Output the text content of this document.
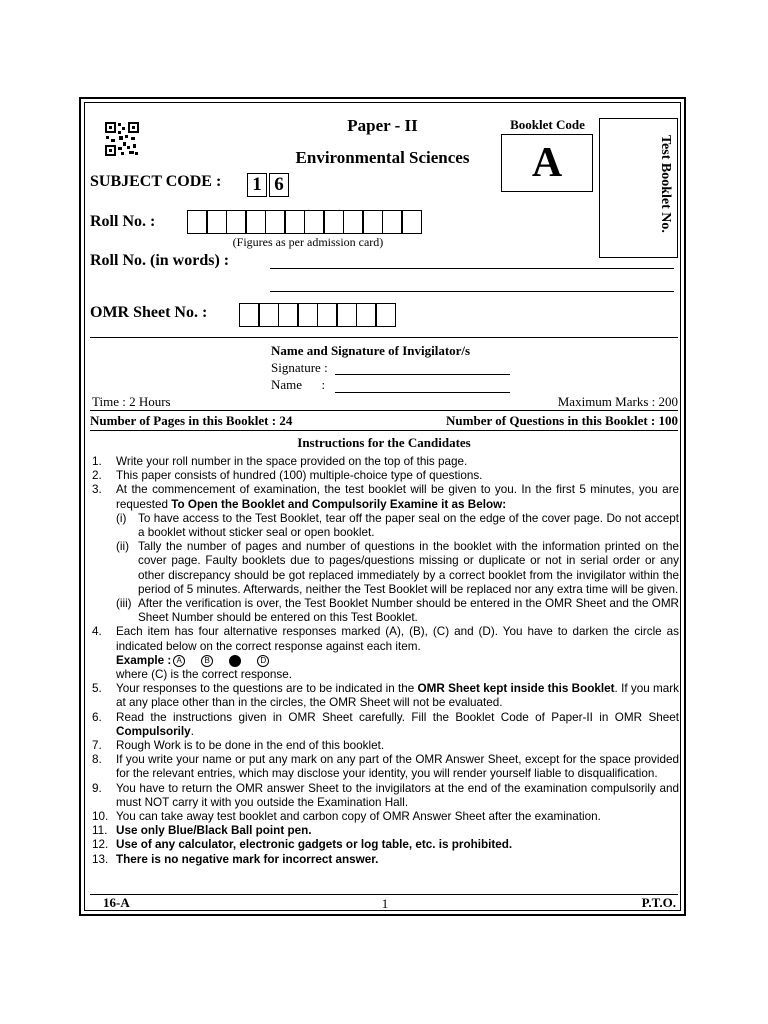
Paper - II
Environmental Sciences
Booklet Code
A	Test Booklet No.
SUBJECT CODE : 1 6
Roll No. :
(Figures as per admission card)
Roll No. (in words) :
OMR Sheet No. :
Name and Signature of Invigilator/s
Signature :
Name      :
Time : 2 Hours	Maximum Marks : 200
Number of Pages in this Booklet : 24	Number of Questions in this Booklet : 100
Instructions for the Candidates
1.	Write your roll number in the space provided on the top of this page.
2.	This paper consists of hundred (100) multiple-choice type of questions.
3.	At the commencement of examination, the test booklet will be given to you. In the first 5 minutes, you are requested To Open the Booklet and Compulsorily Examine it as Below:
(i) To have access to the Test Booklet, tear off the paper seal on the edge of the cover page. Do not accept a booklet without sticker seal or open booklet.
(ii) Tally the number of pages and number of questions in the booklet with the information printed on the cover page. Faulty booklets due to pages/questions missing or duplicate or not in serial order or any other discrepancy should be got replaced immediately by a correct booklet from the invigilator within the period of 5 minutes. Afterwards, neither the Test Booklet will be replaced nor any extra time will be given.
(iii) After the verification is over, the Test Booklet Number should be entered in the OMR Sheet and the OMR Sheet Number should be entered on this Test Booklet.
4.	Each item has four alternative responses marked (A), (B), (C) and (D). You have to darken the circle as indicated below on the correct response against each item.
Example : A	B	C	D
where (C) is the correct response.
5.	Your responses to the questions are to be indicated in the OMR Sheet kept inside this Booklet. If you mark at any place other than in the circles, the OMR Sheet will not be evaluated.
6.	Read the instructions given in OMR Sheet carefully. Fill the Booklet Code of Paper-II in OMR Sheet Compulsorily.
7.	Rough Work is to be done in the end of this booklet.
8.	If you write your name or put any mark on any part of the OMR Answer Sheet, except for the space provided for the relevant entries, which may disclose your identity, you will render yourself liable to disqualification.
9.	You have to return the OMR answer Sheet to the invigilators at the end of the examination compulsorily and must NOT carry it with you outside the Examination Hall.
10. You can take away test booklet and carbon copy of OMR Answer Sheet after the examination.
11. Use only Blue/Black Ball point pen.
12. Use of any calculator, electronic gadgets or log table, etc. is prohibited.
13. There is no negative mark for incorrect answer.
16-A	1	P.T.O.
